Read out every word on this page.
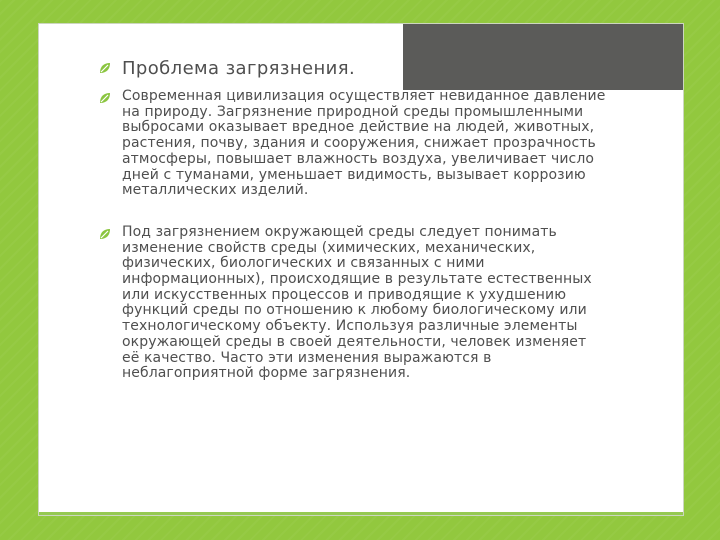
Проблема загрязнения.
Современная цивилизация осуществляет невиданное давление на природу. Загрязнение природной среды промышленными выбросами оказывает вредное действие на людей, животных, растения, почву, здания и сооружения, снижает прозрачность атмосферы, повышает влажность воздуха, увеличивает число дней с туманами, уменьшает видимость, вызывает коррозию металлических изделий.
Под загрязнением окружающей среды следует понимать изменение свойств среды (химических, механических, физических, биологических и связанных с ними информационных), происходящие в результате естественных или искусственных процессов и приводящие к ухудшению функций среды по отношению к любому биологическому или технологическому объекту. Используя различные элементы окружающей среды в своей деятельности, человек изменяет её качество. Часто эти изменения выражаются в неблагоприятной форме загрязнения.
